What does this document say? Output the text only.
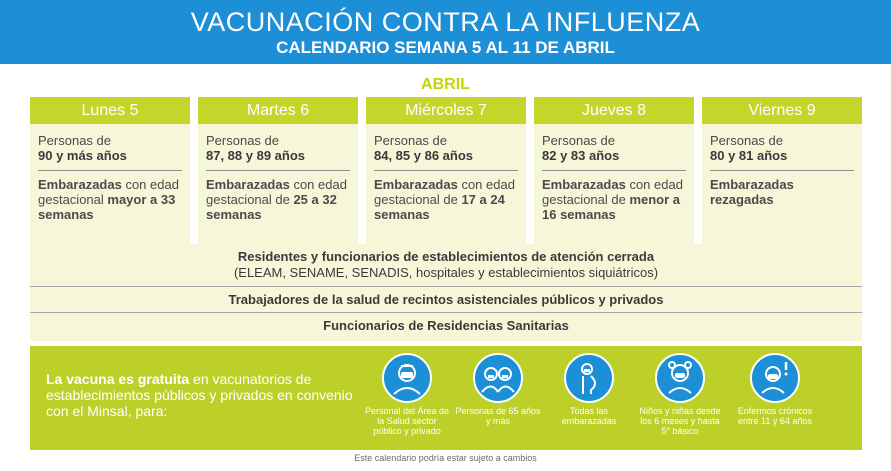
VACUNACIÓN CONTRA LA INFLUENZA
CALENDARIO SEMANA 5 AL 11 DE ABRIL
ABRIL
Lunes 5
Personas de
90 y más años
Embarazadas con edad gestacional mayor a 33 semanas
Martes 6
Personas de
87, 88 y 89 años
Embarazadas con edad gestacional de 25 a 32 semanas
Miércoles 7
Personas de
84, 85 y 86 años
Embarazadas con edad gestacional de 17 a 24 semanas
Jueves 8
Personas de
82 y 83 años
Embarazadas con edad gestacional de menor a 16 semanas
Viernes 9
Personas de
80 y 81 años
Embarazadas rezagadas
Residentes y funcionarios de establecimientos de atención cerrada
(ELEAM, SENAME, SENADIS, hospitales y establecimientos siquiátricos)
Trabajadores de la salud de recintos asistenciales públicos y privados
Funcionarios de Residencias Sanitarias
La vacuna es gratuita en vacunatorios de establecimientos públicos y privados en convenio con el Minsal, para:	Personal del Área de la Salud sector público y privado
Personas de 65 años y más
Todas las embarazadas
Niños y niñas desde los 6 meses y hasta 5° básico
Enfermos crónicos entre 11 y 64 años
Este calendario podría estar sujeto a cambios
